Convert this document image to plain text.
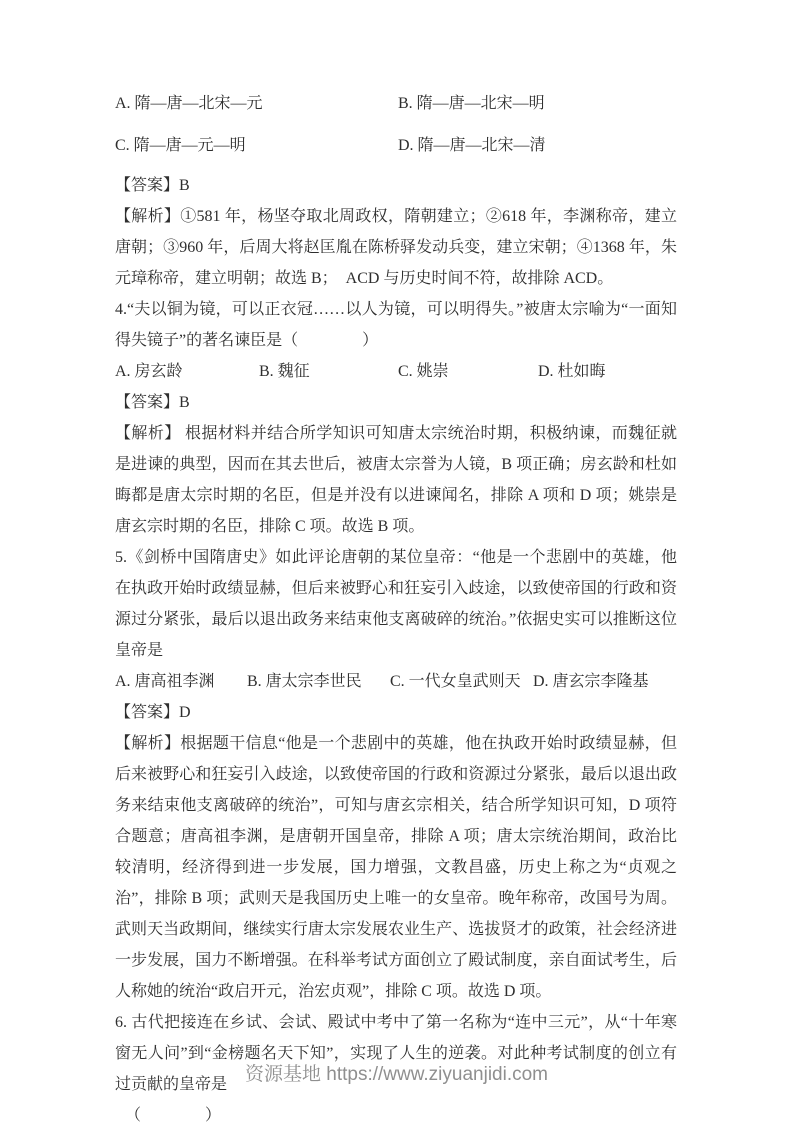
A. 隋—唐—北宋—元	B. 隋—唐—北宋—明
C. 隋—唐—元—明	D. 隋—唐—北宋—清

【答案】B

【解析】①581 年，杨坚夺取北周政权，隋朝建立；②618 年，李渊称帝，建立唐朝；③960 年，后周大将赵匡胤在陈桥驿发动兵变，建立宋朝；④1368 年，朱元璋称帝，建立明朝；故选 B；　ACD 与历史时间不符，故排除 ACD。

4.“夫以铜为镜，可以正衣冠……以人为镜，可以明得失。”被唐太宗喻为“一面知得失镜子”的著名谏臣是（　　　　）

A. 房玄龄	B. 魏征	C. 姚崇	D. 杜如晦

【答案】B

【解析】 根据材料并结合所学知识可知唐太宗统治时期，积极纳谏，而魏征就是进谏的典型，因而在其去世后，被唐太宗誉为人镜，B 项正确；房玄龄和杜如晦都是唐太宗时期的名臣，但是并没有以进谏闻名，排除 A 项和 D 项；姚崇是唐玄宗时期的名臣，排除 C 项。故选 B 项。

5.《剑桥中国隋唐史》如此评论唐朝的某位皇帝：“他是一个悲剧中的英雄，他在执政开始时政绩显赫，但后来被野心和狂妄引入歧途，以致使帝国的行政和资源过分紧张，最后以退出政务来结束他支离破碎的统治。”依据史实可以推断这位皇帝是

A. 唐高祖李渊	B. 唐太宗李世民	C. 一代女皇武则天 D. 唐玄宗李隆基

【答案】D

【解析】根据题干信息“他是一个悲剧中的英雄，他在执政开始时政绩显赫，但后来被野心和狂妄引入歧途，以致使帝国的行政和资源过分紧张，最后以退出政务来结束他支离破碎的统治”，可知与唐玄宗相关，结合所学知识可知，D 项符合题意；唐高祖李渊，是唐朝开国皇帝，排除 A 项；唐太宗统治期间，政治比较清明，经济得到进一步发展，国力增强，文教昌盛，历史上称之为“贞观之治”，排除 B 项；武则天是我国历史上唯一的女皇帝。晚年称帝，改国号为周。武则天当政期间，继续实行唐太宗发展农业生产、选拔贤才的政策，社会经济进一步发展，国力不断增强。在科举考试方面创立了殿试制度，亲自面试考生，后人称她的统治“政启开元，治宏贞观”，排除 C 项。故选 D 项。

6. 古代把接连在乡试、会试、殿试中考中了第一名称为“连中三元”，从“十年寒窗无人问”到“金榜题名天下知”，实现了人生的逆袭。对此种考试制度的创立有过贡献的皇帝是

（　　　　）

资源基地 https://www.ziyuanjidi.com
